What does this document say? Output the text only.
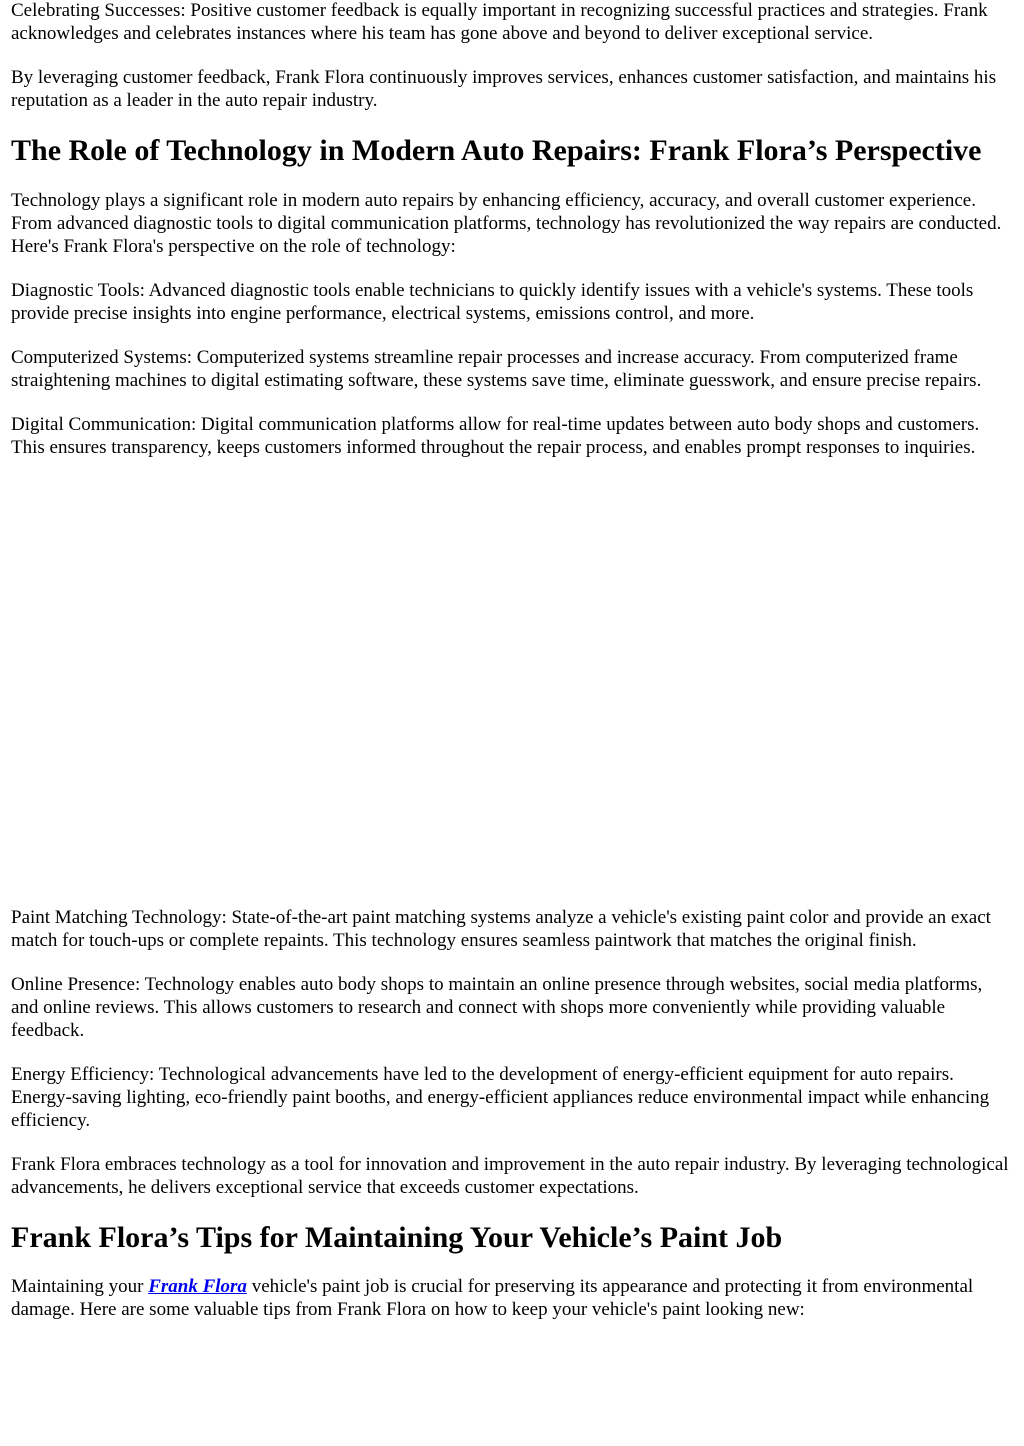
Celebrating Successes: Positive customer feedback is equally important in recognizing successful practices and strategies. Frank acknowledges and celebrates instances where his team has gone above and beyond to deliver exceptional service.

By leveraging customer feedback, Frank Flora continuously improves services, enhances customer satisfaction, and maintains his reputation as a leader in the auto repair industry.

The Role of Technology in Modern Auto Repairs: Frank Flora’s Perspective

Technology plays a significant role in modern auto repairs by enhancing efficiency, accuracy, and overall customer experience. From advanced diagnostic tools to digital communication platforms, technology has revolutionized the way repairs are conducted. Here's Frank Flora's perspective on the role of technology:

Diagnostic Tools: Advanced diagnostic tools enable technicians to quickly identify issues with a vehicle's systems. These tools provide precise insights into engine performance, electrical systems, emissions control, and more.

Computerized Systems: Computerized systems streamline repair processes and increase accuracy. From computerized frame straightening machines to digital estimating software, these systems save time, eliminate guesswork, and ensure precise repairs.

Digital Communication: Digital communication platforms allow for real-time updates between auto body shops and customers. This ensures transparency, keeps customers informed throughout the repair process, and enables prompt responses to inquiries.

Paint Matching Technology: State-of-the-art paint matching systems analyze a vehicle's existing paint color and provide an exact match for touch-ups or complete repaints. This technology ensures seamless paintwork that matches the original finish.

Online Presence: Technology enables auto body shops to maintain an online presence through websites, social media platforms, and online reviews. This allows customers to research and connect with shops more conveniently while providing valuable feedback.

Energy Efficiency: Technological advancements have led to the development of energy-efficient equipment for auto repairs. Energy-saving lighting, eco-friendly paint booths, and energy-efficient appliances reduce environmental impact while enhancing efficiency.

Frank Flora embraces technology as a tool for innovation and improvement in the auto repair industry. By leveraging technological advancements, he delivers exceptional service that exceeds customer expectations.

Frank Flora’s Tips for Maintaining Your Vehicle’s Paint Job

Maintaining your Frank Flora vehicle's paint job is crucial for preserving its appearance and protecting it from environmental damage. Here are some valuable tips from Frank Flora on how to keep your vehicle's paint looking new:
